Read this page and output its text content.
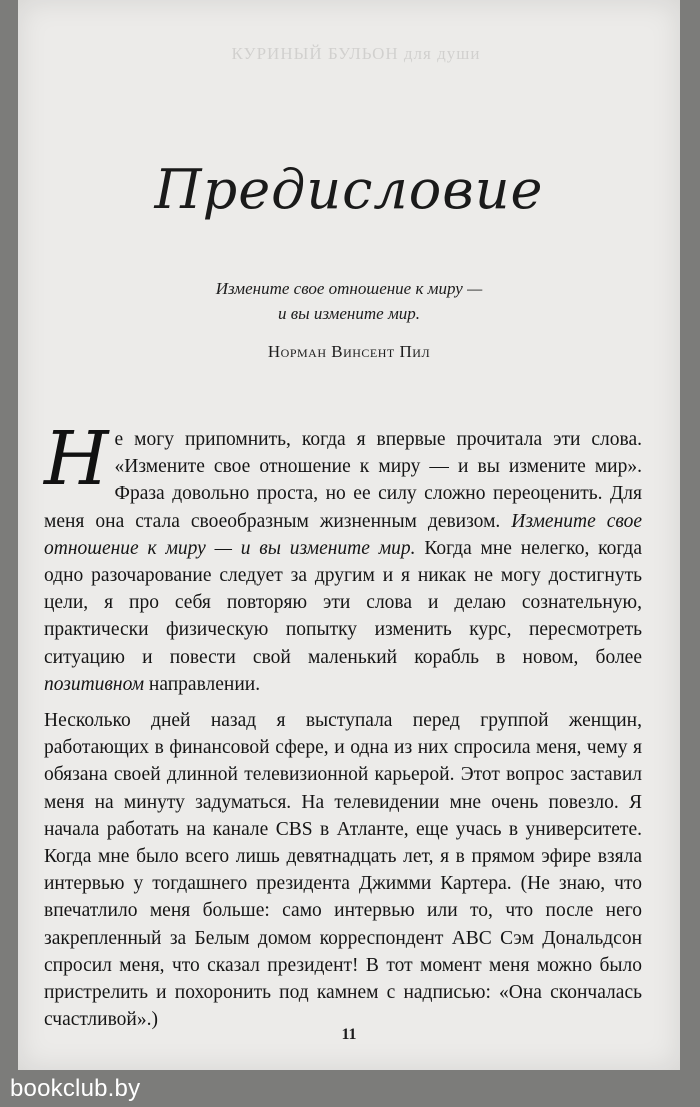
КУРИНЫЙ БУЛЬОН для души
Предисловие
Измените свое отношение к миру —
и вы измените мир.
Норман Винсент Пил

Не могу припомнить, когда я впервые прочитала эти слова. «Измените свое отношение к миру — и вы измените мир». Фраза довольно проста, но ее силу сложно переоценить. Для меня она стала своеобразным жизненным девизом. Измените свое отношение к миру — и вы измените мир. Когда мне нелегко, когда одно разочарование следует за другим и я никак не могу достигнуть цели, я про себя повторяю эти слова и делаю сознательную, практически физическую попытку изменить курс, пересмотреть ситуацию и повести свой маленький корабль в новом, более позитивном направлении.

Несколько дней назад я выступала перед группой женщин, работающих в финансовой сфере, и одна из них спросила меня, чему я обязана своей длинной телевизионной карьерой. Этот вопрос заставил меня на минуту задуматься. На телевидении мне очень повезло. Я начала работать на канале CBS в Атланте, еще учась в университете. Когда мне было всего лишь девятнадцать лет, я в прямом эфире взяла интервью у тогдашнего президента Джимми Картера. (Не знаю, что впечатлило меня больше: само интервью или то, что после него закрепленный за Белым домом корреспондент ABC Сэм Дональдсон спросил меня, что сказал президент! В тот момент меня можно было пристрелить и похоронить под камнем с надписью: «Она скончалась счастливой».)

11
bookclub.by
